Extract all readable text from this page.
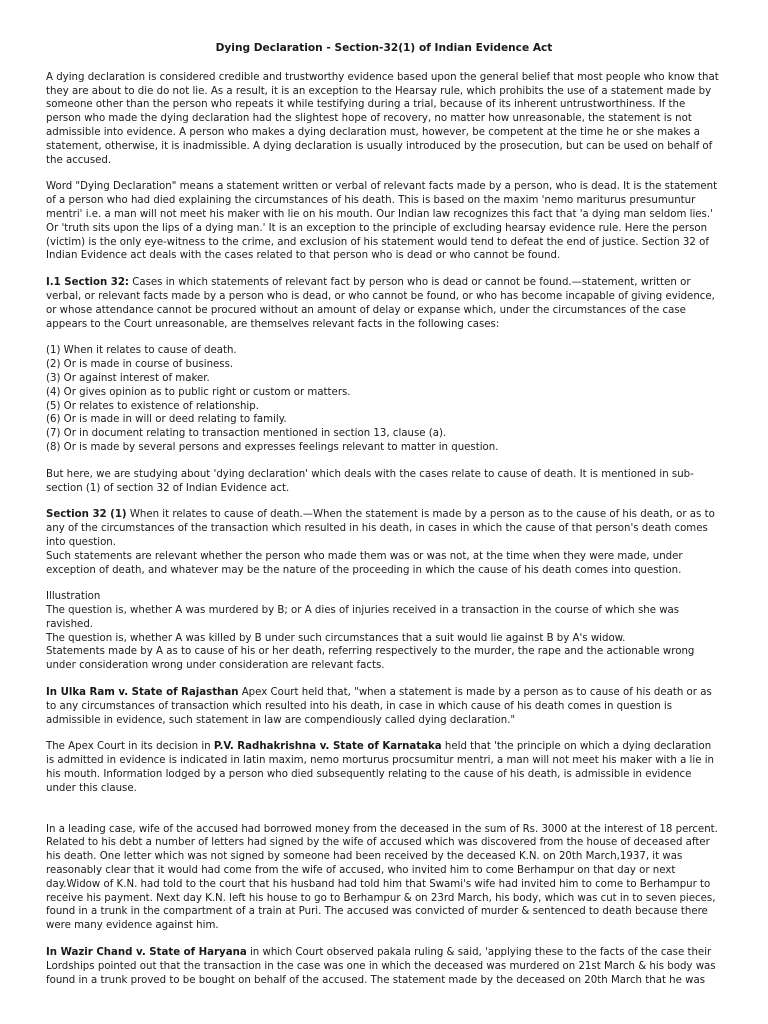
Dying Declaration - Section-32(1) of Indian Evidence Act

A dying declaration is considered credible and trustworthy evidence based upon the general belief that most people who know that they are about to die do not lie. As a result, it is an exception to the Hearsay rule, which prohibits the use of a statement made by someone other than the person who repeats it while testifying during a trial, because of its inherent untrustworthiness. If the person who made the dying declaration had the slightest hope of recovery, no matter how unreasonable, the statement is not admissible into evidence. A person who makes a dying declaration must, however, be competent at the time he or she makes a statement, otherwise, it is inadmissible. A dying declaration is usually introduced by the prosecution, but can be used on behalf of the accused.

Word "Dying Declaration" means a statement written or verbal of relevant facts made by a person, who is dead. It is the statement of a person who had died explaining the circumstances of his death. This is based on the maxim 'nemo mariturus presumuntur mentri' i.e. a man will not meet his maker with lie on his mouth. Our Indian law recognizes this fact that 'a dying man seldom lies.' Or 'truth sits upon the lips of a dying man.' It is an exception to the principle of excluding hearsay evidence rule. Here the person (victim) is the only eye-witness to the crime, and exclusion of his statement would tend to defeat the end of justice. Section 32 of Indian Evidence act deals with the cases related to that person who is dead or who cannot be found.

I.1 Section 32: Cases in which statements of relevant fact by person who is dead or cannot be found.—statement, written or verbal, or relevant facts made by a person who is dead, or who cannot be found, or who has become incapable of giving evidence, or whose attendance cannot be procured without an amount of delay or expanse which, under the circumstances of the case appears to the Court unreasonable, are themselves relevant facts in the following cases:

(1) When it relates to cause of death.
(2) Or is made in course of business.
(3) Or against interest of maker.
(4) Or gives opinion as to public right or custom or matters.
(5) Or relates to existence of relationship.
(6) Or is made in will or deed relating to family.
(7) Or in document relating to transaction mentioned in section 13, clause (a).
(8) Or is made by several persons and expresses feelings relevant to matter in question.

But here, we are studying about 'dying declaration' which deals with the cases relate to cause of death. It is mentioned in sub-section (1) of section 32 of Indian Evidence act.

Section 32 (1) When it relates to cause of death.—When the statement is made by a person as to the cause of his death, or as to any of the circumstances of the transaction which resulted in his death, in cases in which the cause of that person's death comes into question.

Such statements are relevant whether the person who made them was or was not, at the time when they were made, under exception of death, and whatever may be the nature of the proceeding in which the cause of his death comes into question.

Illustration
The question is, whether A was murdered by B; or A dies of injuries received in a transaction in the course of which she was ravished.
The question is, whether A was killed by B under such circumstances that a suit would lie against B by A's widow.
Statements made by A as to cause of his or her death, referring respectively to the murder, the rape and the actionable wrong under consideration wrong under consideration are relevant facts.

In Ulka Ram v. State of Rajasthan Apex Court held that, "when a statement is made by a person as to cause of his death or as to any circumstances of transaction which resulted into his death, in case in which cause of his death comes in question is admissible in evidence, such statement in law are compendiously called dying declaration."

The Apex Court in its decision in P.V. Radhakrishna v. State of Karnataka held that 'the principle on which a dying declaration is admitted in evidence is indicated in latin maxim, nemo morturus procsumitur mentri, a man will not meet his maker with a lie in his mouth. Information lodged by a person who died subsequently relating to the cause of his death, is admissible in evidence under this clause.

In a leading case, wife of the accused had borrowed money from the deceased in the sum of Rs. 3000 at the interest of 18 percent. Related to his debt a number of letters had signed by the wife of accused which was discovered from the house of deceased after his death. One letter which was not signed by someone had been received by the deceased K.N. on 20th March,1937, it was reasonably clear that it would had come from the wife of accused, who invited him to come Berhampur on that day or next day.Widow of K.N. had told to the court that his husband had told him that Swami's wife had invited him to come to Berhampur to receive his payment. Next day K.N. left his house to go to Berhampur & on 23rd March, his body, which was cut in to seven pieces, found in a trunk in the compartment of a train at Puri. The accused was convicted of murder & sentenced to death because there were many evidence against him.

In Wazir Chand v. State of Haryana in which Court observed pakala ruling & said, 'applying these to the facts of the case their Lordships pointed out that the transaction in the case was one in which the deceased was murdered on 21st March & his body was found in a trunk proved to be bought on behalf of the accused. The statement made by the deceased on 20th March that he was
